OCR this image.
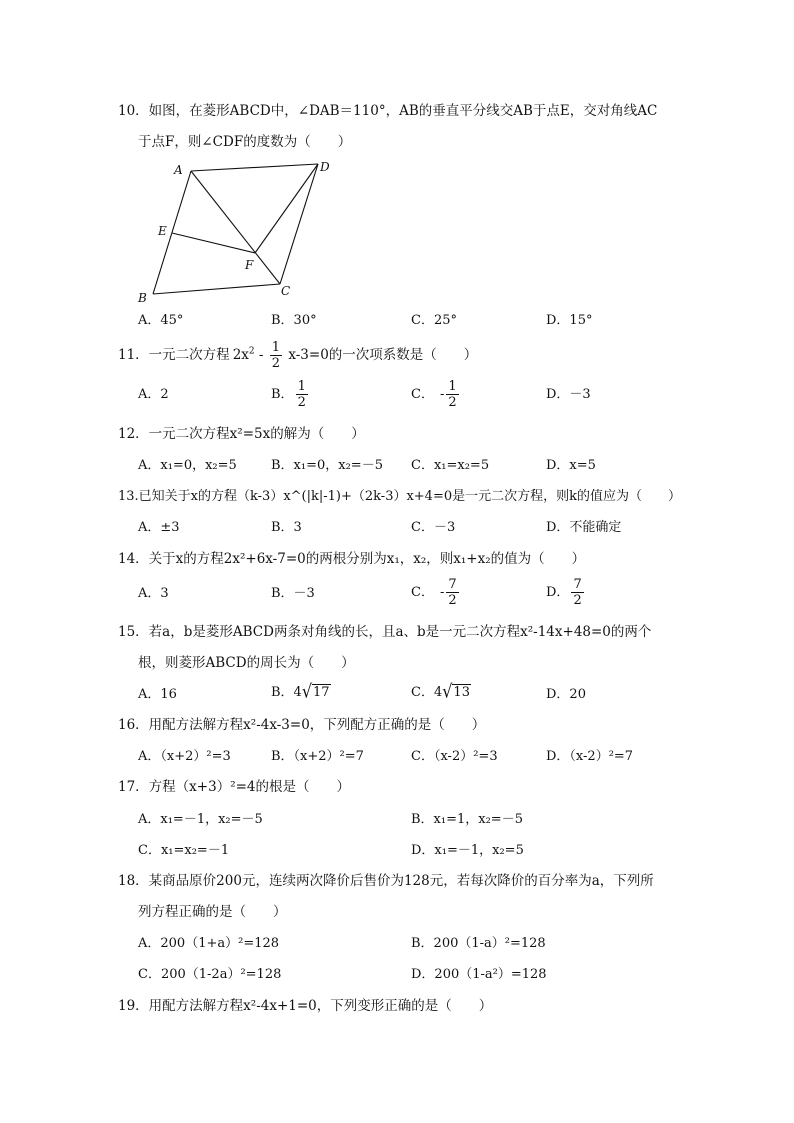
10．如图，在菱形ABCD中，∠DAB＝110°，AB的垂直平分线交AB于点E，交对角线AC
于点F，则∠CDF的度数为（　　）
A	D
E
F
B	C
A．45°	B．30°	C．25°	D．15°
11．一元二次方程 $2x^2 - \frac{1}{2} x-3=0$ 的一次项系数是（　　）
A．2	B． $\frac{1}{2}$	C． - $\frac{1}{2}$	D．－3
12．一元二次方程x²=5x的解为（　　）
A．x₁=0，x₂=5	B．x₁=0，x₂=－5 C．x₁=x₂=5	D．x=5
13.已知关于x的方程（k-3）x^(|k|-1)+（2k-3）x+4=0是一元二次方程，则k的值应为（　　）
A．±3	B．3	C．－3	D．不能确定
14．关于x的方程2x²+6x-7=0的两根分别为x₁，x₂，则x₁+x₂的值为（　　）
A．3	B．－3	C． - $\frac{7}{2}$	D． $\frac{7}{2}$
15．若a，b是菱形ABCD两条对角线的长，且a、b是一元二次方程x²-14x+48=0的两个
根，则菱形ABCD的周长为（　　）
A．16	B．4 √17	C．4 √13	D．20
16．用配方法解方程x²-4x-3=0，下列配方正确的是（　　）
A．（x+2）²=3	B．（x+2）²=7	C．（x-2）²=3	D．（x-2）²=7
17．方程（x+3）²=4的根是（　　）
A．x₁=－1，x₂=－5	B．x₁=1，x₂=－5
C．x₁=x₂=－1	D．x₁=－1，x₂=5
18．某商品原价200元，连续两次降价后售价为128元，若每次降价的百分率为a，下列所
列方程正确的是（　　）
A．200（1+a）²=128	B．200（1-a）²=128
C．200（1-2a）²=128	D．200（1-a²）=128
19．用配方法解方程x²-4x+1=0，下列变形正确的是（　　）
